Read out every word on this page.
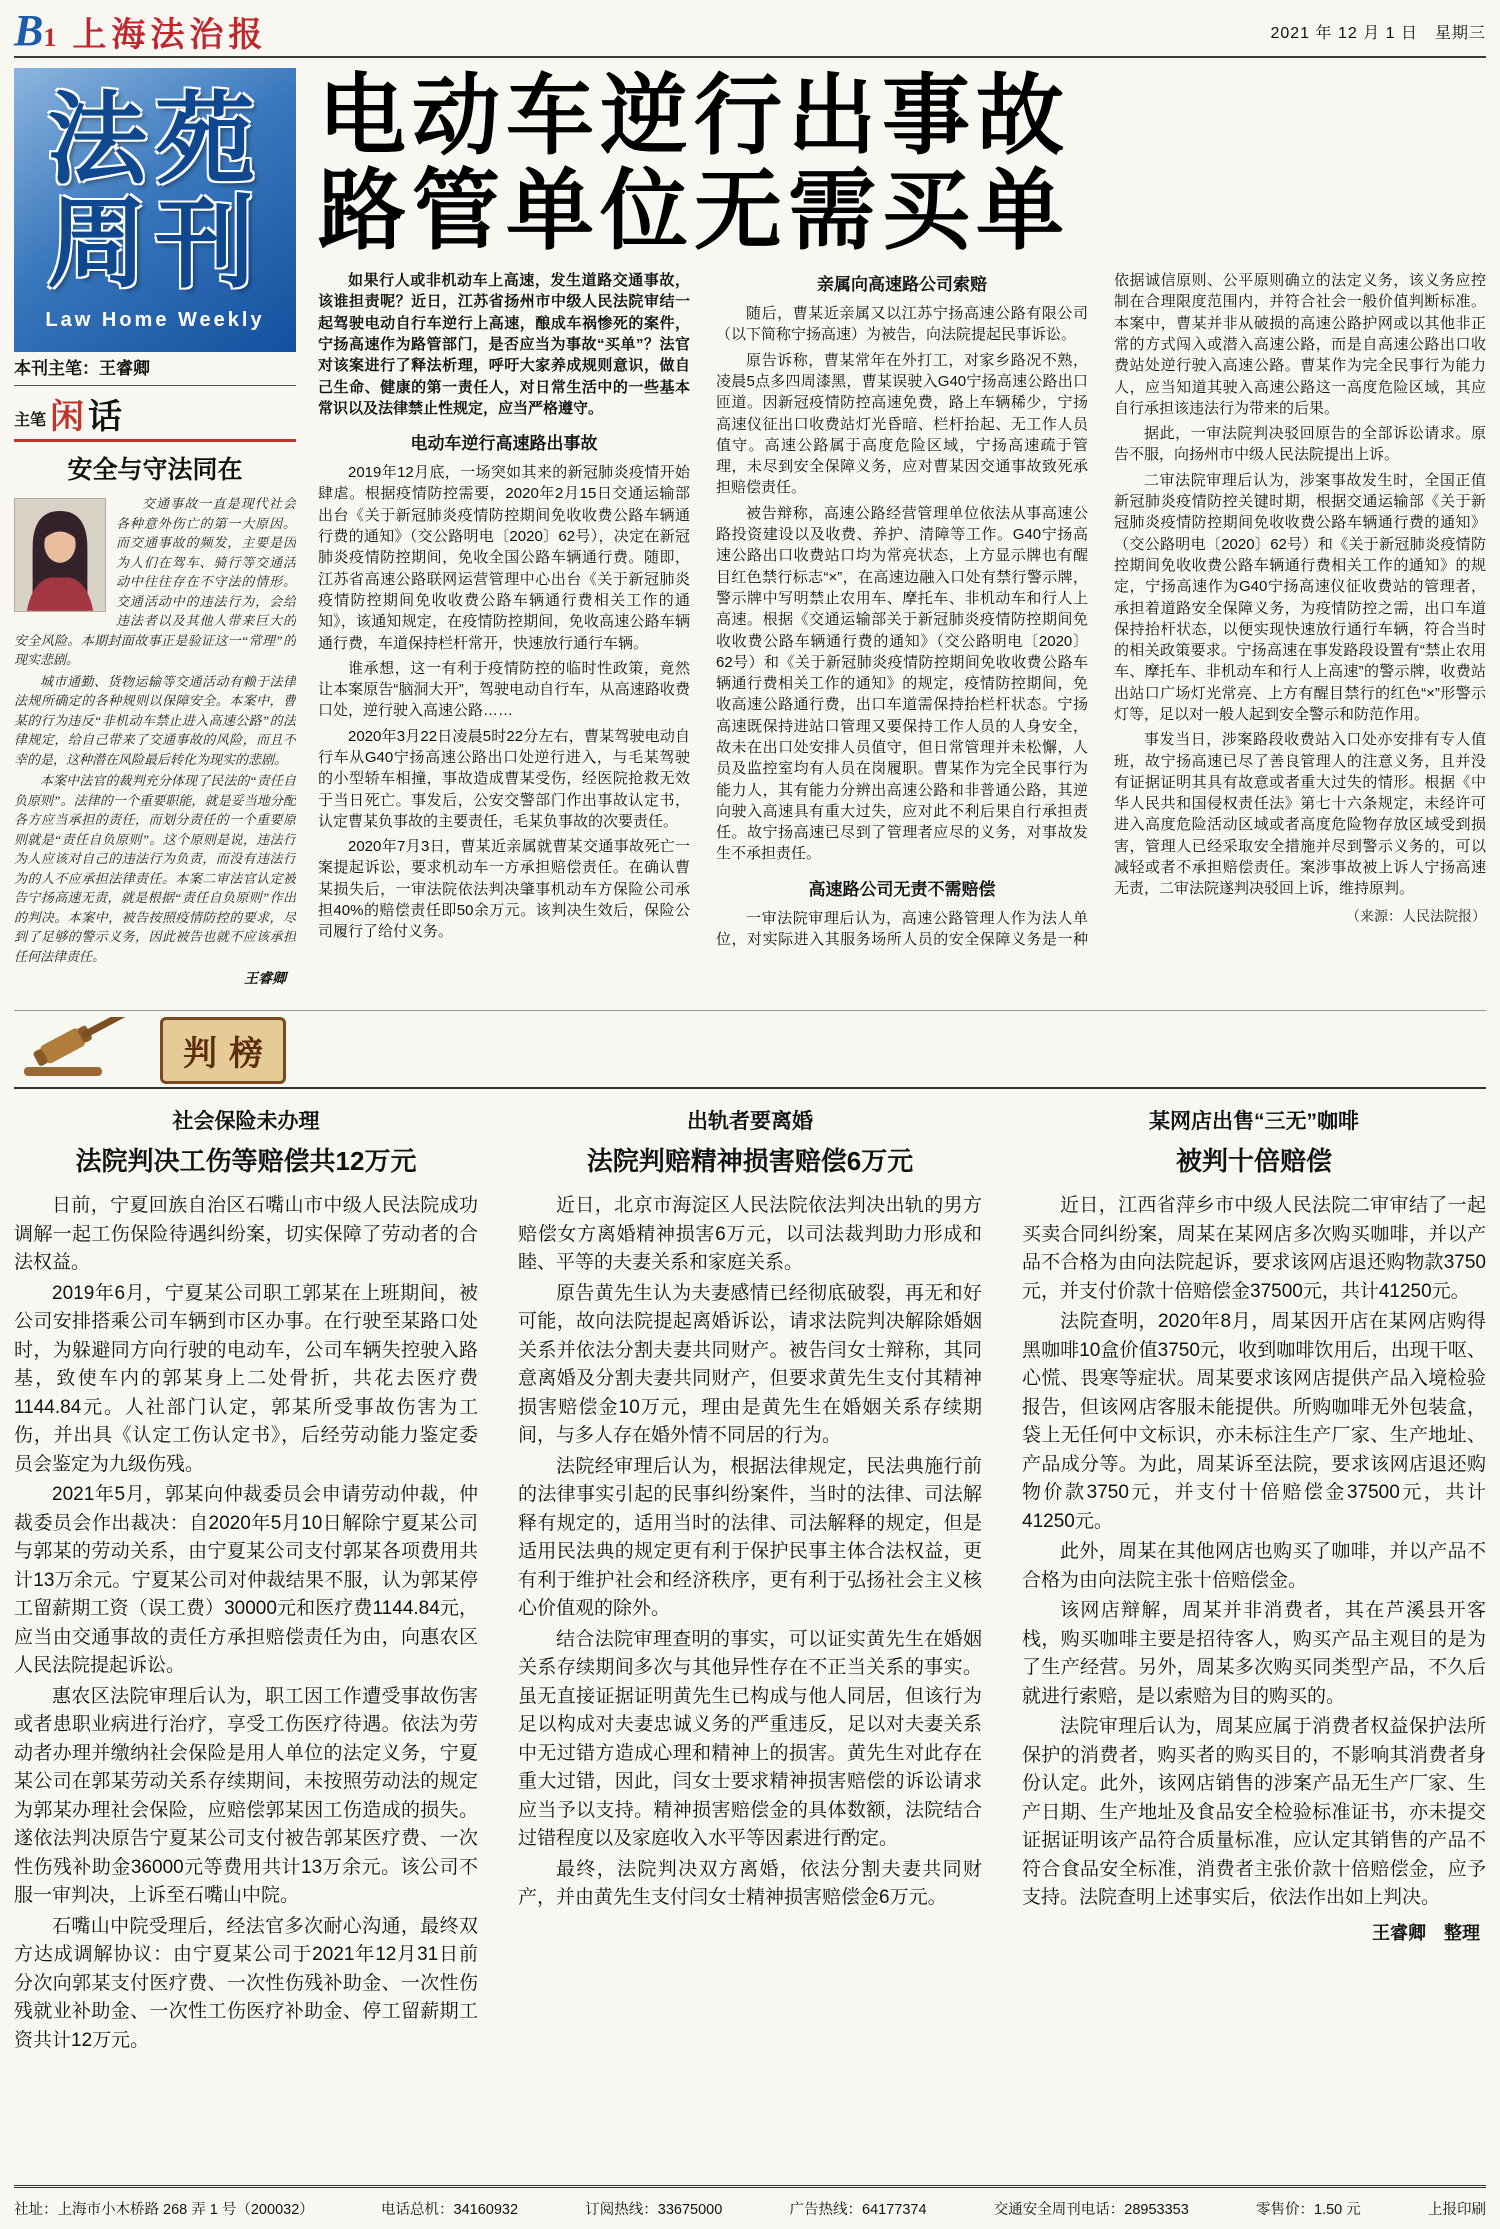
B 1 上海法治报	2021 年 12 月 1 日　星期三
法苑
周刊
Law Home Weekly
本刊主笔：王睿卿
主笔 闲 话
安全与守法同在

交通事故一直是现代社会各种意外伤亡的第一大原因。而交通事故的频发，主要是因为人们在驾车、骑行等交通活动中往往存在不守法的情形。交通活动中的违法行为，会给违法者以及其他人带来巨大的安全风险。本期封面故事正是验证这一“常理”的现实悲剧。

城市通勤、货物运输等交通活动有赖于法律法规所确定的各种规则以保障安全。本案中，曹某的行为违反“非机动车禁止进入高速公路”的法律规定，给自己带来了交通事故的风险，而且不幸的是，这种潜在风险最后转化为现实的悲剧。

本案中法官的裁判充分体现了民法的“责任自负原则”。法律的一个重要职能，就是妥当地分配各方应当承担的责任，而划分责任的一个重要原则就是“责任自负原则”。这个原则是说，违法行为人应该对自己的违法行为负责，而没有违法行为的人不应承担法律责任。本案二审法官认定被告宁扬高速无责，就是根据“责任自负原则”作出的判决。本案中，被告按照疫情防控的要求，尽到了足够的警示义务，因此被告也就不应该承担任何法律责任。

王睿卿
电动车逆行出事故
路管单位无需买单

如果行人或非机动车上高速，发生道路交通事故，该谁担责呢？近日，江苏省扬州市中级人民法院审结一起驾驶电动自行车逆行上高速，酿成车祸惨死的案件，宁扬高速作为路管部门，是否应当为事故“买单”？法官对该案进行了释法析理，呼吁大家养成规则意识，做自己生命、健康的第一责任人，对日常生活中的一些基本常识以及法律禁止性规定，应当严格遵守。

电动车逆行高速路出事故

2019年12月底，一场突如其来的新冠肺炎疫情开始肆虐。根据疫情防控需要，2020年2月15日交通运输部出台《关于新冠肺炎疫情防控期间免收收费公路车辆通行费的通知》（交公路明电〔2020〕62号），决定在新冠肺炎疫情防控期间，免收全国公路车辆通行费。随即，江苏省高速公路联网运营管理中心出台《关于新冠肺炎疫情防控期间免收收费公路车辆通行费相关工作的通知》，该通知规定，在疫情防控期间，免收高速公路车辆通行费，车道保持栏杆常开，快速放行通行车辆。

谁承想，这一有利于疫情防控的临时性政策，竟然让本案原告“脑洞大开”，驾驶电动自行车，从高速路收费口处，逆行驶入高速公路……

2020年3月22日凌晨5时22分左右，曹某驾驶电动自行车从G40宁扬高速公路出口处逆行进入，与毛某驾驶的小型轿车相撞，事故造成曹某受伤，经医院抢救无效于当日死亡。事发后，公安交警部门作出事故认定书，认定曹某负事故的主要责任，毛某负事故的次要责任。

2020年7月3日，曹某近亲属就曹某交通事故死亡一案提起诉讼，要求机动车一方承担赔偿责任。在确认曹某损失后，一审法院依法判决肇事机动车方保险公司承担40%的赔偿责任即50余万元。该判决生效后，保险公司履行了给付义务。

亲属向高速路公司索赔

随后，曹某近亲属又以江苏宁扬高速公路有限公司（以下简称宁扬高速）为被告，向法院提起民事诉讼。

原告诉称，曹某常年在外打工，对家乡路况不熟，凌晨5点多四周漆黑，曹某误驶入G40宁扬高速公路出口匝道。因新冠疫情防控高速免费，路上车辆稀少，宁扬高速仪征出口收费站灯光昏暗、栏杆抬起、无工作人员值守。高速公路属于高度危险区域，宁扬高速疏于管理，未尽到安全保障义务，应对曹某因交通事故致死承担赔偿责任。

被告辩称，高速公路经营管理单位依法从事高速公路投资建设以及收费、养护、清障等工作。G40宁扬高速公路出口收费站口均为常亮状态，上方显示牌也有醒目红色禁行标志“×”，在高速边融入口处有禁行警示牌，警示牌中写明禁止农用车、摩托车、非机动车和行人上高速。根据《交通运输部关于新冠肺炎疫情防控期间免收收费公路车辆通行费的通知》（交公路明电〔2020〕62号）和《关于新冠肺炎疫情防控期间免收收费公路车辆通行费相关工作的通知》的规定，疫情防控期间，免收高速公路通行费，出口车道需保持抬栏杆状态。宁扬高速既保持进站口管理又要保持工作人员的人身安全，故未在出口处安排人员值守，但日常管理并未松懈，人员及监控室均有人员在岗履职。曹某作为完全民事行为能力人，其有能力分辨出高速公路和非普通公路，其逆向驶入高速具有重大过失，应对此不利后果自行承担责任。故宁扬高速已尽到了管理者应尽的义务，对事故发生不承担责任。

高速路公司无责不需赔偿

一审法院审理后认为，高速公路管理人作为法人单位，对实际进入其服务场所人员的安全保障义务是一种依据诚信原则、公平原则确立的法定义务，该义务应控制在合理限度范围内，并符合社会一般价值判断标准。本案中，曹某并非从破损的高速公路护网或以其他非正常的方式闯入或潜入高速公路，而是自高速公路出口收费站处逆行驶入高速公路。曹某作为完全民事行为能力人，应当知道其驶入高速公路这一高度危险区域，其应自行承担该违法行为带来的后果。

据此，一审法院判决驳回原告的全部诉讼请求。原告不服，向扬州市中级人民法院提出上诉。

二审法院审理后认为，涉案事故发生时，全国正值新冠肺炎疫情防控关键时期，根据交通运输部《关于新冠肺炎疫情防控期间免收收费公路车辆通行费的通知》（交公路明电〔2020〕62号）和《关于新冠肺炎疫情防控期间免收收费公路车辆通行费相关工作的通知》的规定，宁扬高速作为G40宁扬高速仪征收费站的管理者，承担着道路安全保障义务，为疫情防控之需，出口车道保持抬杆状态，以便实现快速放行通行车辆，符合当时的相关政策要求。宁扬高速在事发路段设置有“禁止农用车、摩托车、非机动车和行人上高速”的警示牌，收费站出站口广场灯光常亮、上方有醒目禁行的红色“×”形警示灯等，足以对一般人起到安全警示和防范作用。

事发当日，涉案路段收费站入口处亦安排有专人值班，故宁扬高速已尽了善良管理人的注意义务，且并没有证据证明其具有故意或者重大过失的情形。根据《中华人民共和国侵权责任法》第七十六条规定，未经许可进入高度危险活动区域或者高度危险物存放区域受到损害，管理人已经采取安全措施并尽到警示义务的，可以减轻或者不承担赔偿责任。案涉事故被上诉人宁扬高速无责，二审法院遂判决驳回上诉，维持原判。

（来源：人民法院报）

判榜
社会保险未办理
法院判决工伤等赔偿共12万元

日前，宁夏回族自治区石嘴山市中级人民法院成功调解一起工伤保险待遇纠纷案，切实保障了劳动者的合法权益。

2019年6月，宁夏某公司职工郭某在上班期间，被公司安排搭乘公司车辆到市区办事。在行驶至某路口处时，为躲避同方向行驶的电动车，公司车辆失控驶入路基，致使车内的郭某身上二处骨折，共花去医疗费1144.84元。人社部门认定，郭某所受事故伤害为工伤，并出具《认定工伤认定书》，后经劳动能力鉴定委员会鉴定为九级伤残。

2021年5月，郭某向仲裁委员会申请劳动仲裁，仲裁委员会作出裁决：自2020年5月10日解除宁夏某公司与郭某的劳动关系，由宁夏某公司支付郭某各项费用共计13万余元。宁夏某公司对仲裁结果不服，认为郭某停工留薪期工资（误工费）30000元和医疗费1144.84元，应当由交通事故的责任方承担赔偿责任为由，向惠农区人民法院提起诉讼。

惠农区法院审理后认为，职工因工作遭受事故伤害或者患职业病进行治疗，享受工伤医疗待遇。依法为劳动者办理并缴纳社会保险是用人单位的法定义务，宁夏某公司在郭某劳动关系存续期间，未按照劳动法的规定为郭某办理社会保险，应赔偿郭某因工伤造成的损失。遂依法判决原告宁夏某公司支付被告郭某医疗费、一次性伤残补助金36000元等费用共计13万余元。该公司不服一审判决，上诉至石嘴山中院。

石嘴山中院受理后，经法官多次耐心沟通，最终双方达成调解协议：由宁夏某公司于2021年12月31日前分次向郭某支付医疗费、一次性伤残补助金、一次性伤残就业补助金、一次性工伤医疗补助金、停工留薪期工资共计12万元。

出轨者要离婚
法院判赔精神损害赔偿6万元

近日，北京市海淀区人民法院依法判决出轨的男方赔偿女方离婚精神损害6万元，以司法裁判助力形成和睦、平等的夫妻关系和家庭关系。

原告黄先生认为夫妻感情已经彻底破裂，再无和好可能，故向法院提起离婚诉讼，请求法院判决解除婚姻关系并依法分割夫妻共同财产。被告闫女士辩称，其同意离婚及分割夫妻共同财产，但要求黄先生支付其精神损害赔偿金10万元，理由是黄先生在婚姻关系存续期间，与多人存在婚外情不同居的行为。

法院经审理后认为，根据法律规定，民法典施行前的法律事实引起的民事纠纷案件，当时的法律、司法解释有规定的，适用当时的法律、司法解释的规定，但是适用民法典的规定更有利于保护民事主体合法权益，更有利于维护社会和经济秩序，更有利于弘扬社会主义核心价值观的除外。

结合法院审理查明的事实，可以证实黄先生在婚姻关系存续期间多次与其他异性存在不正当关系的事实。虽无直接证据证明黄先生已构成与他人同居，但该行为足以构成对夫妻忠诚义务的严重违反，足以对夫妻关系中无过错方造成心理和精神上的损害。黄先生对此存在重大过错，因此，闫女士要求精神损害赔偿的诉讼请求应当予以支持。精神损害赔偿金的具体数额，法院结合过错程度以及家庭收入水平等因素进行酌定。

最终，法院判决双方离婚，依法分割夫妻共同财产，并由黄先生支付闫女士精神损害赔偿金6万元。

某网店出售“三无”咖啡
被判十倍赔偿

近日，江西省萍乡市中级人民法院二审审结了一起买卖合同纠纷案，周某在某网店多次购买咖啡，并以产品不合格为由向法院起诉，要求该网店退还购物款3750元，并支付价款十倍赔偿金37500元，共计41250元。

法院查明，2020年8月，周某因开店在某网店购得黑咖啡10盒价值3750元，收到咖啡饮用后，出现干呕、心慌、畏寒等症状。周某要求该网店提供产品入境检验报告，但该网店客服未能提供。所购咖啡无外包装盒，袋上无任何中文标识，亦未标注生产厂家、生产地址、产品成分等。为此，周某诉至法院，要求该网店退还购物价款3750元，并支付十倍赔偿金37500元，共计41250元。

此外，周某在其他网店也购买了咖啡，并以产品不合格为由向法院主张十倍赔偿金。

该网店辩解，周某并非消费者，其在芦溪县开客栈，购买咖啡主要是招待客人，购买产品主观目的是为了生产经营。另外，周某多次购买同类型产品，不久后就进行索赔，是以索赔为目的购买的。

法院审理后认为，周某应属于消费者权益保护法所保护的消费者，购买者的购买目的，不影响其消费者身份认定。此外，该网店销售的涉案产品无生产厂家、生产日期、生产地址及食品安全检验标准证书，亦未提交证据证明该产品符合质量标准，应认定其销售的产品不符合食品安全标准，消费者主张价款十倍赔偿金，应予支持。法院查明上述事实后，依法作出如上判决。

王睿卿　整理
社址：上海市小木桥路 268 弄 1 号（200032）	电话总机：34160932	订阅热线：33675000	广告热线：64177374	交通安全周刊电话：28953353	零售价：1.50 元	上报印刷
